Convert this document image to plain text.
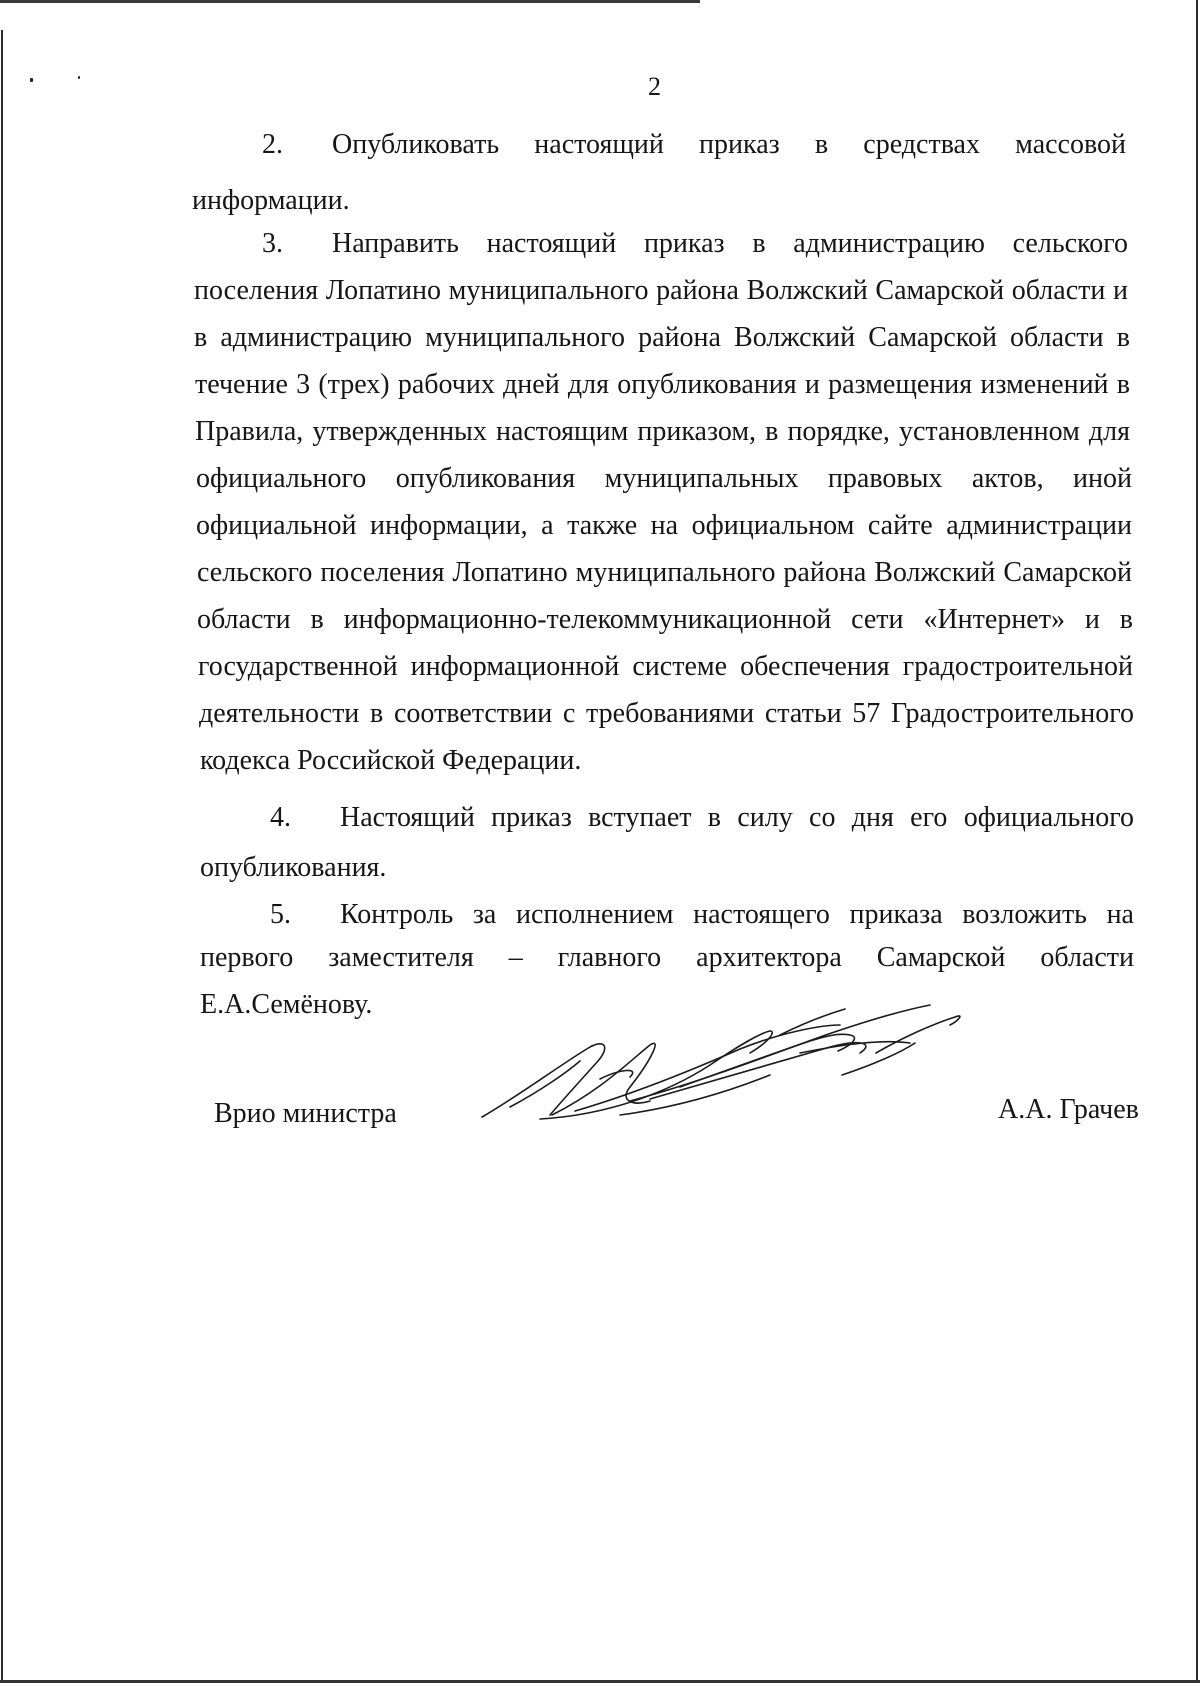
2
2. Опубликовать настоящий приказ в средствах массовой
информации.
3. Направить настоящий приказ в администрацию сельского
поселения Лопатино муниципального района Волжский Самарской области и
в администрацию муниципального района Волжский Самарской области в
течение 3 (трех) рабочих дней для опубликования и размещения изменений в
Правила, утвержденных настоящим приказом, в порядке, установленном для
официального опубликования муниципальных правовых актов, иной
официальной информации, а также на официальном сайте администрации
сельского поселения Лопатино муниципального района Волжский Самарской
области в информационно-телекоммуникационной сети «Интернет» и в
государственной информационной системе обеспечения градостроительной
деятельности в соответствии с требованиями статьи 57 Градостроительного
кодекса Российской Федерации.
4. Настоящий приказ вступает в силу со дня его официального
опубликования.
5. Контроль за исполнением настоящего приказа возложить на
первого заместителя – главного архитектора Самарской области
Е.А.Семёнову.
Врио министра	А.А. Грачев
